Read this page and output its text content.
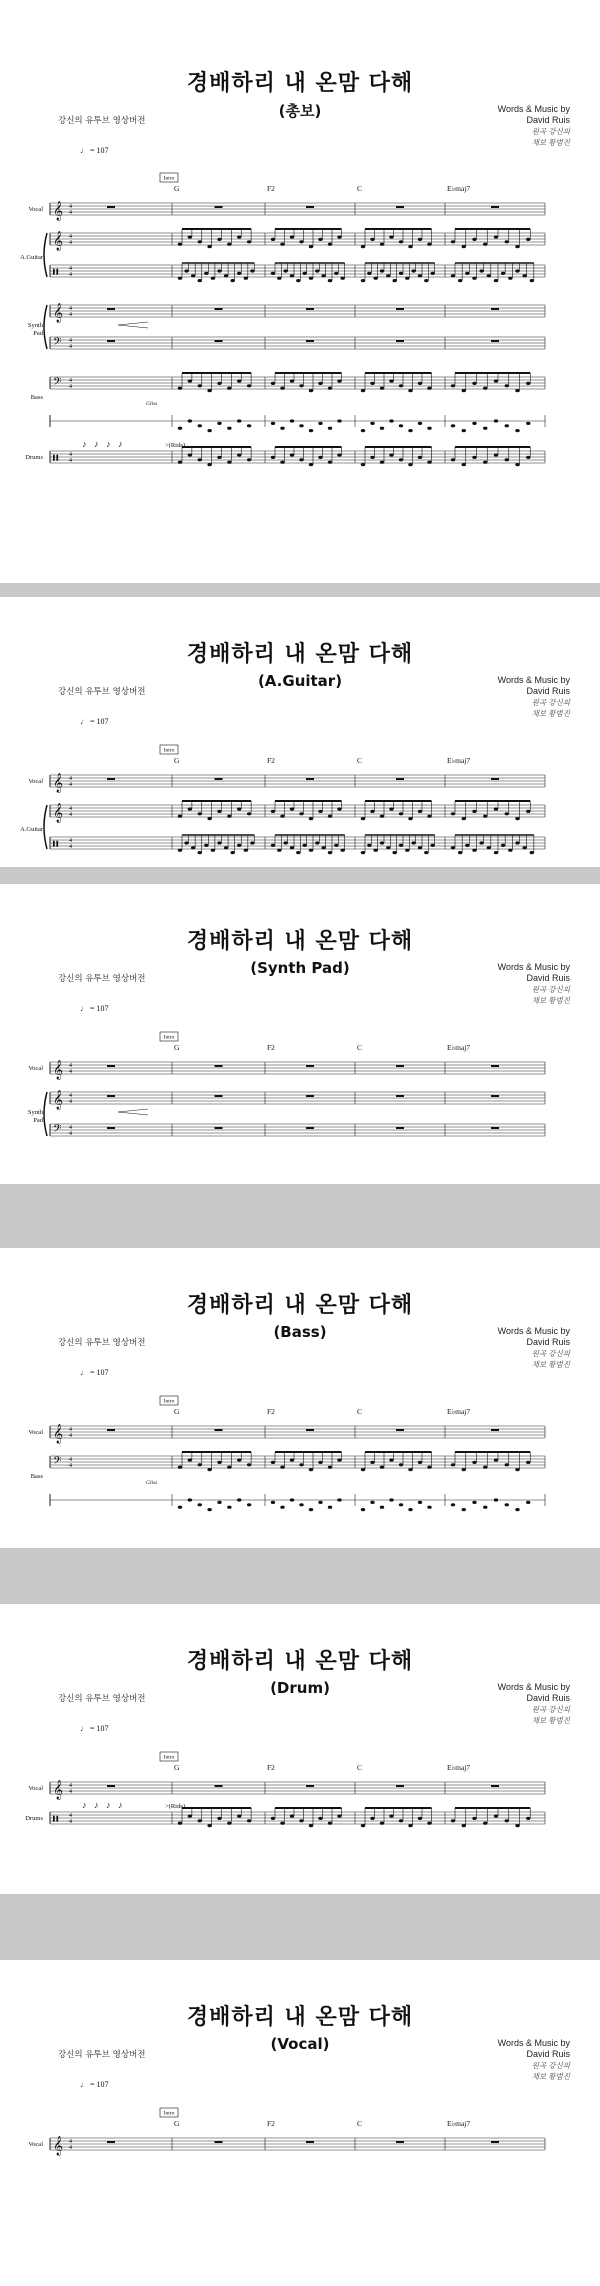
경배하리 내 온맘 다해
(총보)	Words & Music by
David Ruis
원곡 강신의
채보 황범진
강신의 유투브 영상버전
♩ = 107
Intro
G	F2	C	E♭maj7
𝄞 4
4
Vocal
𝄞 4
4
𝄥 4
4
A.Guitar
𝄞 4
4
𝄢 4
4
Synth
Pad
𝄢 4
4
Gliss
Bass
>(Ride)
𝄥 4
4
♪ ♪ ♪ ♪
Drums
경배하리 내 온맘 다해
(A.Guitar)	Words & Music by
David Ruis
원곡 강신의
채보 황범진
강신의 유투브 영상버전
♩ = 107
Intro
G	F2	C	E♭maj7
𝄞 4
4
Vocal
𝄞 4
4
𝄥 4
4
A.Guitar
경배하리 내 온맘 다해
(Synth Pad)	Words & Music by
David Ruis
원곡 강신의
채보 황범진
강신의 유투브 영상버전
♩ = 107
Intro
G	F2	C	E♭maj7
𝄞 4
4
Vocal
𝄞 4
4
𝄢 4
4
Synth
Pad
경배하리 내 온맘 다해
(Bass)	Words & Music by
David Ruis
원곡 강신의
채보 황범진
강신의 유투브 영상버전
♩ = 107
Intro
G	F2	C	E♭maj7
𝄞 4
4
Vocal
𝄢 4
4
Gliss
Bass
경배하리 내 온맘 다해
(Drum)	Words & Music by
David Ruis
원곡 강신의
채보 황범진
강신의 유투브 영상버전
♩ = 107
Intro
G	F2	C	E♭maj7
𝄞 4
4
Vocal
>(Ride)
𝄥 4
4
♪ ♪ ♪ ♪
Drums
경배하리 내 온맘 다해
(Vocal)	Words & Music by
David Ruis
원곡 강신의
채보 황범진
강신의 유투브 영상버전
♩ = 107
Intro
G	F2	C	E♭maj7
𝄞 4
4
Vocal
